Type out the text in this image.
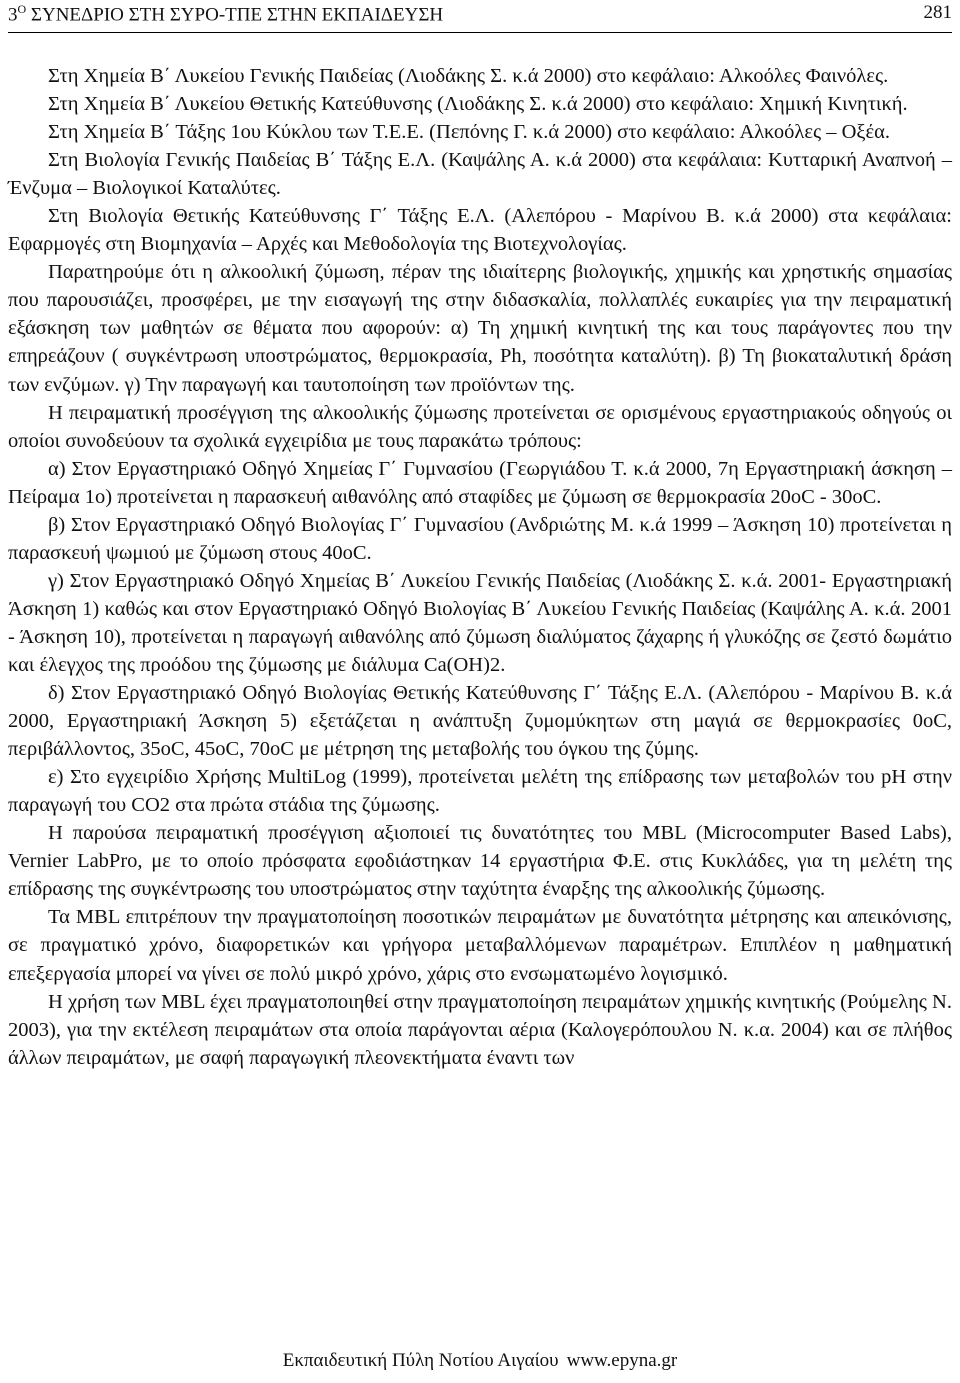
$3^O$ ΣΥΝΕΔΡΙΟ ΣΤΗ ΣΥΡΟ-ΤΠΕ ΣΤΗΝ ΕΚΠΑΙΔΕΥΣΗ	281

Στη Χημεία Β΄ Λυκείου Γενικής Παιδείας (Λιοδάκης Σ. κ.ά 2000) στο κεφάλαιο: Αλκοόλες Φαινόλες.

Στη Χημεία Β΄ Λυκείου Θετικής Κατεύθυνσης (Λιοδάκης Σ. κ.ά 2000) στο κεφάλαιο: Χημική Κινητική.

Στη Χημεία Β΄ Τάξης 1ου Κύκλου των Τ.Ε.Ε. (Πεπόνης Γ. κ.ά 2000) στο κεφάλαιο: Αλκοόλες – Οξέα.

Στη Βιολογία Γενικής Παιδείας Β΄ Τάξης Ε.Λ. (Καψάλης Α. κ.ά 2000) στα κεφάλαια: Κυτταρική Αναπνοή – Ένζυμα – Βιολογικοί Καταλύτες.

Στη Βιολογία Θετικής Κατεύθυνσης Γ΄ Τάξης Ε.Λ. (Αλεπόρου - Μαρίνου Β. κ.ά 2000) στα κεφάλαια: Εφαρμογές στη Βιομηχανία – Αρχές και Μεθοδολογία της Βιοτεχνολογίας.

Παρατηρούμε ότι η αλκοολική ζύμωση, πέραν της ιδιαίτερης βιολογικής, χημικής και χρηστικής σημασίας που παρουσιάζει, προσφέρει, με την εισαγωγή της στην διδασκαλία, πολλαπλές ευκαιρίες για την πειραματική εξάσκηση των μαθητών σε θέματα που αφορούν: α) Τη χημική κινητική της και τους παράγοντες που την επηρεάζουν ( συγκέντρωση υποστρώματος, θερμοκρασία, Ph, ποσότητα καταλύτη). β) Τη βιοκαταλυτική δράση των ενζύμων. γ) Την παραγωγή και ταυτοποίηση των προϊόντων της.

Η πειραματική προσέγγιση της αλκοολικής ζύμωσης προτείνεται σε ορισμένους εργαστηριακούς οδηγούς οι οποίοι συνοδεύουν τα σχολικά εγχειρίδια με τους παρακάτω τρόπους:

α) Στον Εργαστηριακό Οδηγό Χημείας Γ΄ Γυμνασίου (Γεωργιάδου Τ. κ.ά 2000, 7η Εργαστηριακή άσκηση –Πείραμα 1ο) προτείνεται η παρασκευή αιθανόλης από σταφίδες με ζύμωση σε θερμοκρασία 20oC - 30oC.

β) Στον Εργαστηριακό Οδηγό Βιολογίας Γ΄ Γυμνασίου (Ανδριώτης Μ. κ.ά 1999 – Άσκηση 10) προτείνεται η παρασκευή ψωμιού με ζύμωση στους 40oC.

γ) Στον Εργαστηριακό Οδηγό Χημείας Β΄ Λυκείου Γενικής Παιδείας (Λιοδάκης Σ. κ.ά. 2001- Εργαστηριακή Άσκηση 1) καθώς και στον Εργαστηριακό Οδηγό Βιολογίας Β΄ Λυκείου Γενικής Παιδείας (Καψάλης Α. κ.ά. 2001 - Άσκηση 10), προτείνεται η παραγωγή αιθανόλης από ζύμωση διαλύματος ζάχαρης ή γλυκόζης σε ζεστό δωμάτιο και έλεγχος της προόδου της ζύμωσης με διάλυμα Ca(OH)2.

δ) Στον Εργαστηριακό Οδηγό Βιολογίας Θετικής Κατεύθυνσης Γ΄ Τάξης Ε.Λ. (Αλεπόρου - Μαρίνου Β. κ.ά 2000, Εργαστηριακή Άσκηση 5) εξετάζεται η ανάπτυξη ζυμομύκητων στη μαγιά σε θερμοκρασίες 0oC, περιβάλλοντος, 35oC, 45oC, 70oC με μέτρηση της μεταβολής του όγκου της ζύμης.

ε) Στο εγχειρίδιο Χρήσης MultiLog (1999), προτείνεται μελέτη της επίδρασης των μεταβολών του pH στην παραγωγή του CO2 στα πρώτα στάδια της ζύμωσης.

Η παρούσα πειραματική προσέγγιση αξιοποιεί τις δυνατότητες του MBL (Microcomputer Based Labs), Vernier LabPro, με το οποίο πρόσφατα εφοδιάστηκαν 14 εργαστήρια Φ.Ε. στις Κυκλάδες, για τη μελέτη της επίδρασης της συγκέντρωσης του υποστρώματος στην ταχύτητα έναρξης της αλκοολικής ζύμωσης.

Τα MBL επιτρέπουν την πραγματοποίηση ποσοτικών πειραμάτων με δυνατότητα μέτρησης και απεικόνισης, σε πραγματικό χρόνο, διαφορετικών και γρήγορα μεταβαλλόμενων παραμέτρων. Επιπλέον η μαθηματική επεξεργασία μπορεί να γίνει σε πολύ μικρό χρόνο, χάρις στο ενσωματωμένο λογισμικό.

Η χρήση των MBL έχει πραγματοποιηθεί στην πραγματοποίηση πειραμάτων χημικής κινητικής (Ρούμελης Ν. 2003), για την εκτέλεση πειραμάτων στα οποία παράγονται αέρια (Καλογερόπουλου Ν. κ.α. 2004) και σε πλήθος άλλων πειραμάτων, με σαφή παραγωγική πλεονεκτήματα έναντι των

Εκπαιδευτική Πύλη Νοτίου Αιγαίου www.epyna.gr
